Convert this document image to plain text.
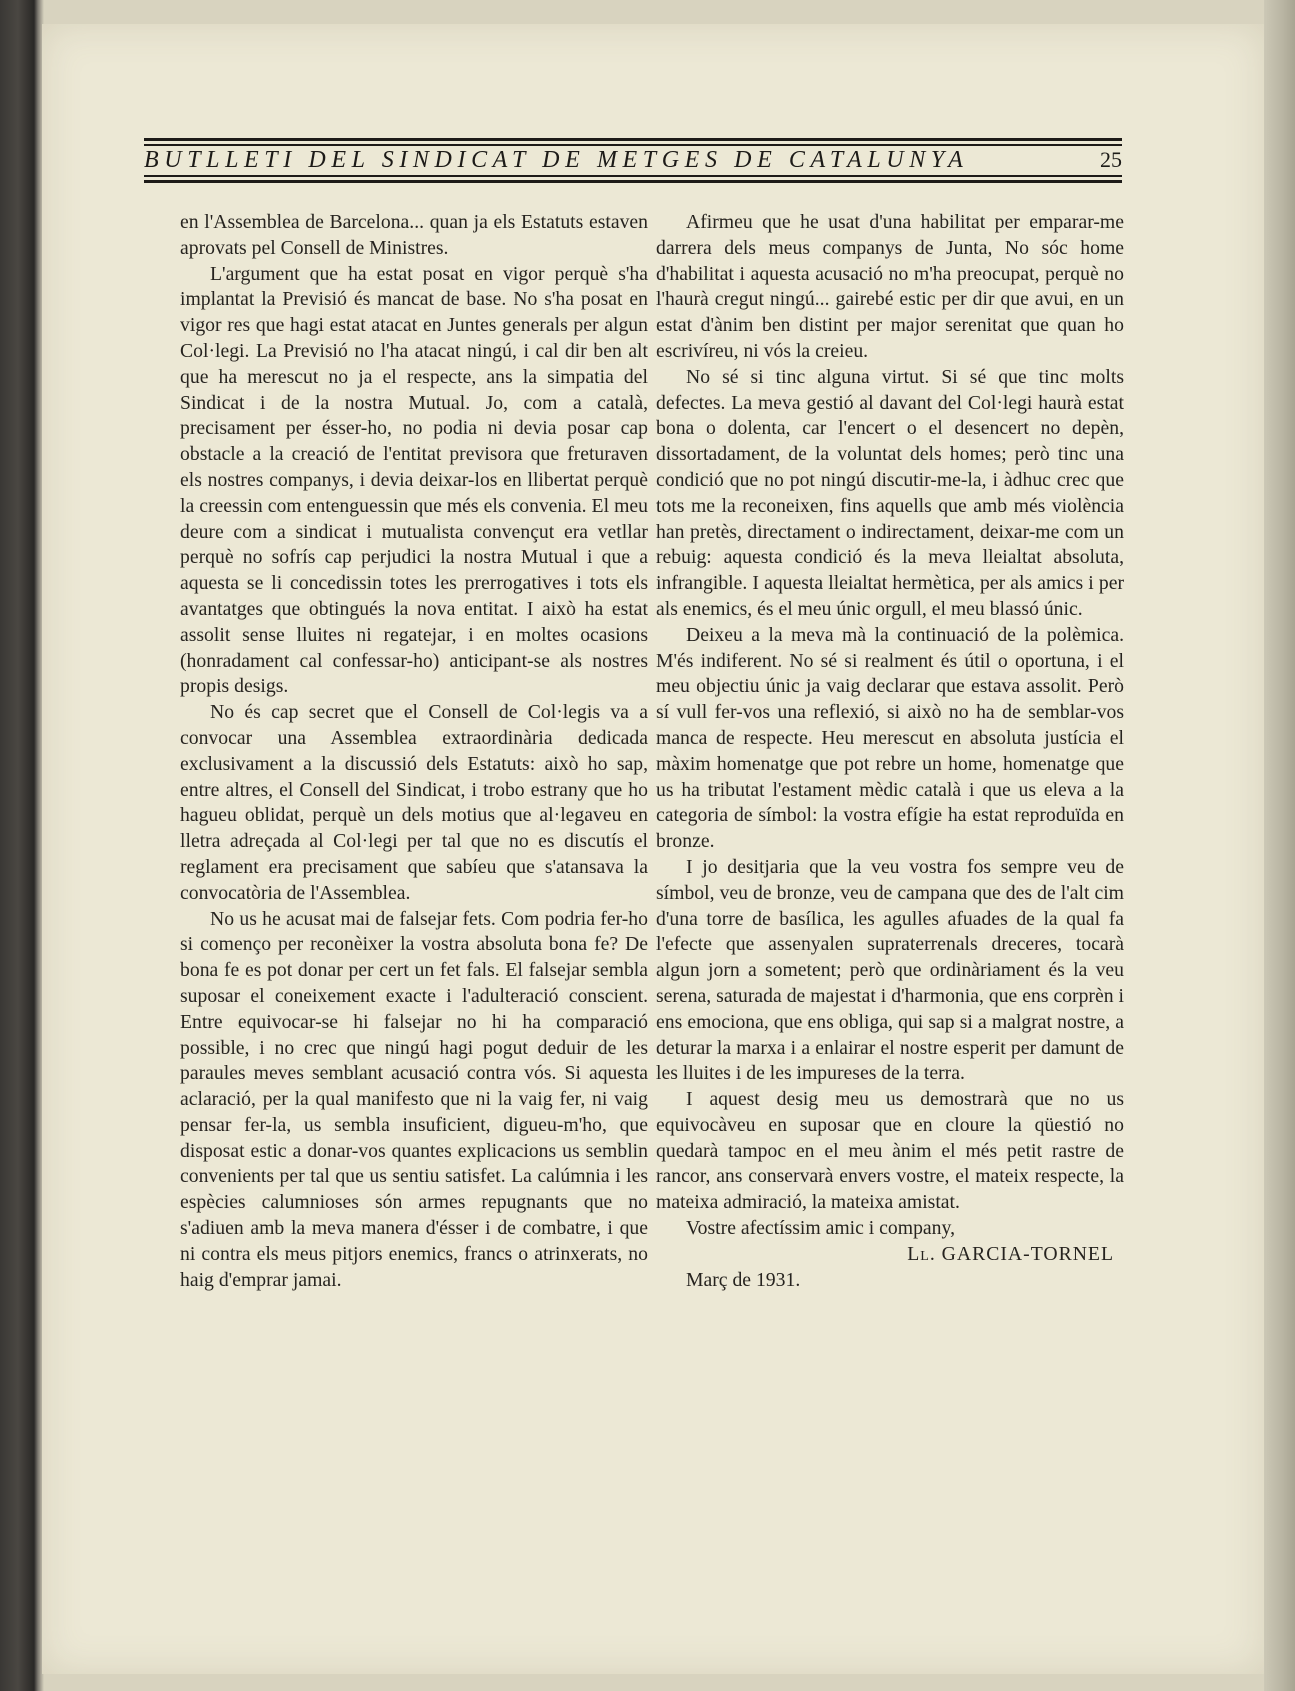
BUTLLETI DEL SINDICAT DE METGES DE CATALUNYA	25

en l'Assemblea de Barcelona... quan ja els Estatuts estaven aprovats pel Consell de Ministres.

L'argument que ha estat posat en vigor perquè s'ha implantat la Previsió és mancat de base. No s'ha posat en vigor res que hagi estat atacat en Juntes generals per algun Col·legi. La Previsió no l'ha atacat ningú, i cal dir ben alt que ha merescut no ja el respecte, ans la simpatia del Sindicat i de la nostra Mutual. Jo, com a català, precisament per ésser-ho, no podia ni devia posar cap obstacle a la creació de l'entitat previsora que freturaven els nostres companys, i devia deixar-los en llibertat perquè la creessin com entenguessin que més els convenia. El meu deure com a sindicat i mutualista convençut era vetllar perquè no sofrís cap perjudici la nostra Mutual i que a aquesta se li concedissin totes les prerrogatives i tots els avantatges que obtingués la nova entitat. I això ha estat assolit sense lluites ni regatejar, i en moltes ocasions (honradament cal confessar-ho) anticipant-se als nostres propis desigs.

No és cap secret que el Consell de Col·legis va a convocar una Assemblea extraordinària dedicada exclusivament a la discussió dels Estatuts: això ho sap, entre altres, el Consell del Sindicat, i trobo estrany que ho hagueu oblidat, perquè un dels motius que al·legaveu en lletra adreçada al Col·legi per tal que no es discutís el reglament era precisament que sabíeu que s'atansava la convocatòria de l'Assemblea.

No us he acusat mai de falsejar fets. Com podria fer-ho si començo per reconèixer la vostra absoluta bona fe? De bona fe es pot donar per cert un fet fals. El falsejar sembla suposar el coneixement exacte i l'adulteració conscient. Entre equivocar-se hi falsejar no hi ha comparació possible, i no crec que ningú hagi pogut deduir de les paraules meves semblant acusació contra vós. Si aquesta aclaració, per la qual manifesto que ni la vaig fer, ni vaig pensar fer-la, us sembla insuficient, digueu-m'ho, que disposat estic a donar-vos quantes explicacions us semblin convenients per tal que us sentiu satisfet. La calúmnia i les espècies calumnioses són armes repugnants que no s'adiuen amb la meva manera d'ésser i de combatre, i que ni contra els meus pitjors enemics, francs o atrinxerats, no haig d'emprar jamai.

Afirmeu que he usat d'una habilitat per emparar-me darrera dels meus companys de Junta, No sóc home d'habilitat i aquesta acusació no m'ha preocupat, perquè no l'haurà cregut ningú... gairebé estic per dir que avui, en un estat d'ànim ben distint per major serenitat que quan ho escrivíreu, ni vós la creieu.

No sé si tinc alguna virtut. Si sé que tinc molts defectes. La meva gestió al davant del Col·legi haurà estat bona o dolenta, car l'encert o el desencert no depèn, dissortadament, de la voluntat dels homes; però tinc una condició que no pot ningú discutir-me-la, i àdhuc crec que tots me la reconeixen, fins aquells que amb més violència han pretès, directament o indirectament, deixar-me com un rebuig: aquesta condició és la meva lleialtat absoluta, infrangible. I aquesta lleialtat hermètica, per als amics i per als enemics, és el meu únic orgull, el meu blassó únic.

Deixeu a la meva mà la continuació de la polèmica. M'és indiferent. No sé si realment és útil o oportuna, i el meu objectiu únic ja vaig declarar que estava assolit. Però sí vull fer-vos una reflexió, si això no ha de semblar-vos manca de respecte. Heu merescut en absoluta justícia el màxim homenatge que pot rebre un home, homenatge que us ha tributat l'estament mèdic català i que us eleva a la categoria de símbol: la vostra efígie ha estat reproduïda en bronze.

I jo desitjaria que la veu vostra fos sempre veu de símbol, veu de bronze, veu de campana que des de l'alt cim d'una torre de basílica, les agulles afuades de la qual fa l'efecte que assenyalen supraterrenals dreceres, tocarà algun jorn a sometent; però que ordinàriament és la veu serena, saturada de majestat i d'harmonia, que ens corprèn i ens emociona, que ens obliga, qui sap si a malgrat nostre, a deturar la marxa i a enlairar el nostre esperit per damunt de les lluites i de les impureses de la terra.

I aquest desig meu us demostrarà que no us equivocàveu en suposar que en cloure la qüestió no quedarà tampoc en el meu ànim el més petit rastre de rancor, ans conservarà envers vostre, el mateix respecte, la mateixa admiració, la mateixa amistat.

Vostre afectíssim amic i company,

Ll. GARCIA-TORNEL

Març de 1931.
